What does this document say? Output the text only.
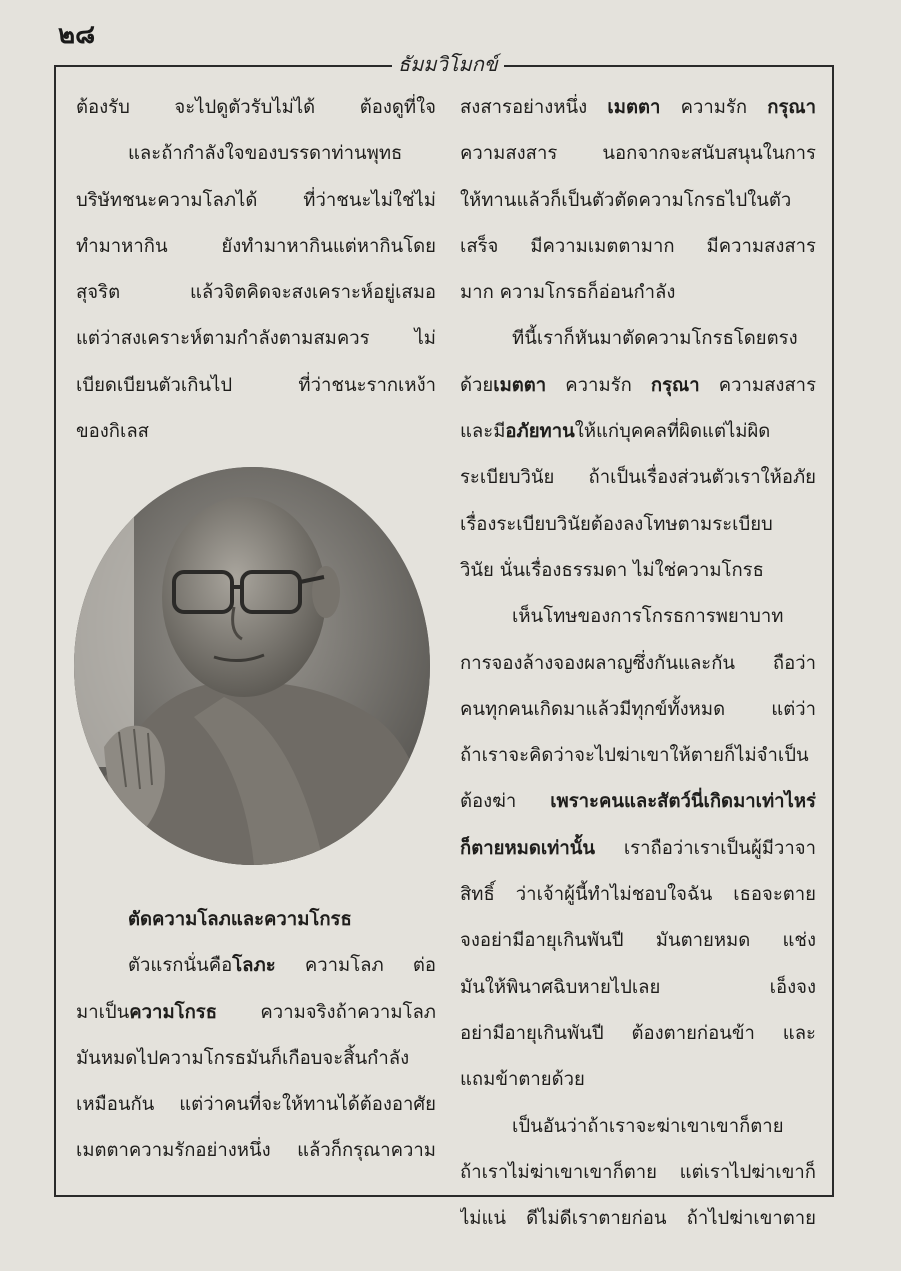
๒๘
ธัมมวิโมกข์
ต้องรับ จะไปดูตัวรับไม่ได้ ต้องดูที่ใจ
และถ้ากำลังใจของบรรดาท่านพุทธ
บริษัทชนะความโลภได้ ที่ว่าชนะไม่ใช่ไม่
ทำมาหากิน ยังทำมาหากินแต่หากินโดย
สุจริต แล้วจิตคิดจะสงเคราะห์อยู่เสมอ
แต่ว่าสงเคราะห์ตามกำลังตามสมควร ไม่
เบียดเบียนตัวเกินไป ที่ว่าชนะรากเหง้า
ของกิเลส
ตัดความโลภและความโกรธ
ตัวแรกนั่นคือโลภะ ความโลภ ต่อ
มาเป็นความโกรธ ความจริงถ้าความโลภ
มันหมดไปความโกรธมันก็เกือบจะสิ้นกำลัง
เหมือนกัน แต่ว่าคนที่จะให้ทานได้ต้องอาศัย
เมตตาความรักอย่างหนึ่ง แล้วก็กรุณาความ
สงสารอย่างหนึ่ง เมตตา ความรัก กรุณา
ความสงสาร นอกจากจะสนับสนุนในการ
ให้ทานแล้วก็เป็นตัวตัดความโกรธไปในตัว
เสร็จ มีความเมตตามาก มีความสงสาร
มาก ความโกรธก็อ่อนกำลัง
ทีนี้เราก็หันมาตัดความโกรธโดยตรง
ด้วยเมตตา ความรัก กรุณา ความสงสาร
และมีอภัยทานให้แก่บุคคลที่ผิดแต่ไม่ผิด
ระเบียบวินัย ถ้าเป็นเรื่องส่วนตัวเราให้อภัย
เรื่องระเบียบวินัยต้องลงโทษตามระเบียบ
วินัย นั่นเรื่องธรรมดา ไม่ใช่ความโกรธ
เห็นโทษของการโกรธการพยาบาท
การจองล้างจองผลาญซึ่งกันและกัน ถือว่า
คนทุกคนเกิดมาแล้วมีทุกข์ทั้งหมด แต่ว่า
ถ้าเราจะคิดว่าจะไปฆ่าเขาให้ตายก็ไม่จำเป็น
ต้องฆ่า เพราะคนและสัตว์นี่เกิดมาเท่าไหร่
ก็ตายหมดเท่านั้น เราถือว่าเราเป็นผู้มีวาจา
สิทธิ์ ว่าเจ้าผู้นี้ทำไม่ชอบใจฉัน เธอจะตาย
จงอย่ามีอายุเกินพันปี มันตายหมด แช่ง
มันให้พินาศฉิบหายไปเลย เอ็งจง
อย่ามีอายุเกินพันปี ต้องตายก่อนข้า และ
แถมข้าตายด้วย
เป็นอันว่าถ้าเราจะฆ่าเขาเขาก็ตาย
ถ้าเราไม่ฆ่าเขาเขาก็ตาย แต่เราไปฆ่าเขาก็
ไม่แน่ ดีไม่ดีเราตายก่อน ถ้าไปฆ่าเขาตาย
